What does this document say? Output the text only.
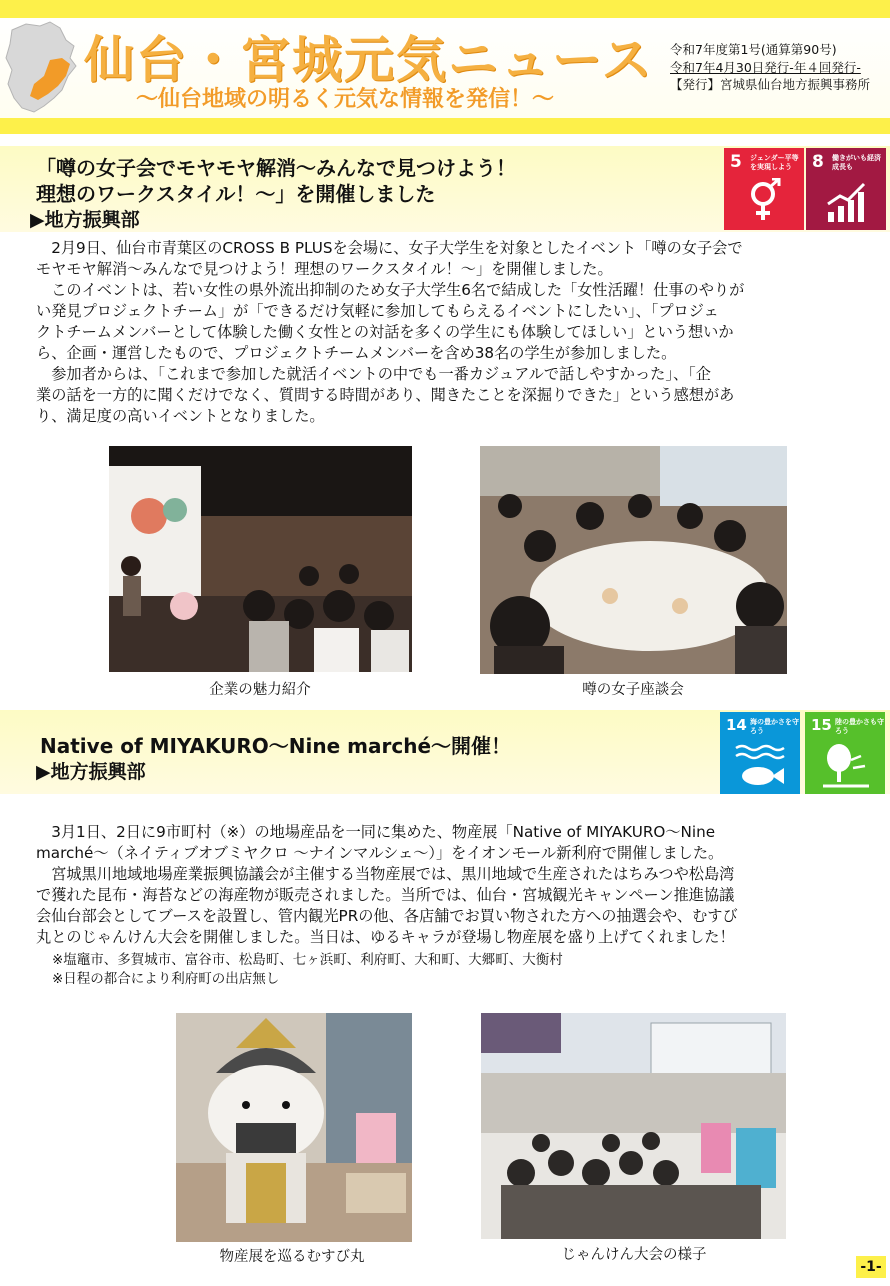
仙台・宮城元気ニュース
〜仙台地域の明るく元気な情報を発信！〜
令和7年度第1号(通算第90号)
令和7年4月30日発行-年４回発行-
【発行】宮城県仙台地方振興事務所
「噂の女子会でモヤモヤ解消〜みんなで見つけよう！
理想のワークスタイル！〜」を開催しました
▶地方振興部
5 ジェンダー平等を実現しよう	8 働きがいも経済成長も

2月9日、仙台市青葉区のCROSS B PLUSを会場に、女子大学生を対象としたイベント「噂の女子会で

モヤモヤ解消〜みんなで見つけよう！理想のワークスタイル！〜」を開催しました。

このイベントは、若い女性の県外流出抑制のため女子大学生6名で結成した「女性活躍！仕事のやりが

い発見プロジェクトチーム」が「できるだけ気軽に参加してもらえるイベントにしたい」、「プロジェ

クトチームメンバーとして体験した働く女性との対話を多くの学生にも体験してほしい」という想いか

ら、企画・運営したもので、プロジェクトチームメンバーを含め38名の学生が参加しました。

参加者からは、「これまで参加した就活イベントの中でも一番カジュアルで話しやすかった」、「企

業の話を一方的に聞くだけでなく、質問する時間があり、聞きたことを深掘りできた」という感想があ

り、満足度の高いイベントとなりました。

企業の魅力紹介	噂の女子座談会
Native of MIYAKURO〜Nine marché〜開催！
▶地方振興部
14 海の豊かさを守ろう	15 陸の豊かさも守ろう

3月1日、2日に9市町村（※）の地場産品を一同に集めた、物産展「Native of MIYAKURO〜Nine

marché〜（ネイティブオブミヤクロ 〜ナインマルシェ〜）」をイオンモール新利府で開催しました。

宮城黒川地域地場産業振興協議会が主催する当物産展では、黒川地域で生産されたはちみつや松島湾

で獲れた昆布・海苔などの海産物が販売されました。当所では、仙台・宮城観光キャンペーン推進協議

会仙台部会としてブースを設置し、管内観光PRの他、各店舗でお買い物された方への抽選会や、むすび

丸とのじゃんけん大会を開催しました。当日は、ゆるキャラが登場し物産展を盛り上げてくれました！

※塩竈市、多賀城市、富谷市、松島町、七ヶ浜町、利府町、大和町、大郷町、大衡村
※日程の都合により利府町の出店無し
物産展を巡るむすび丸	じゃんけん大会の様子
-1-
